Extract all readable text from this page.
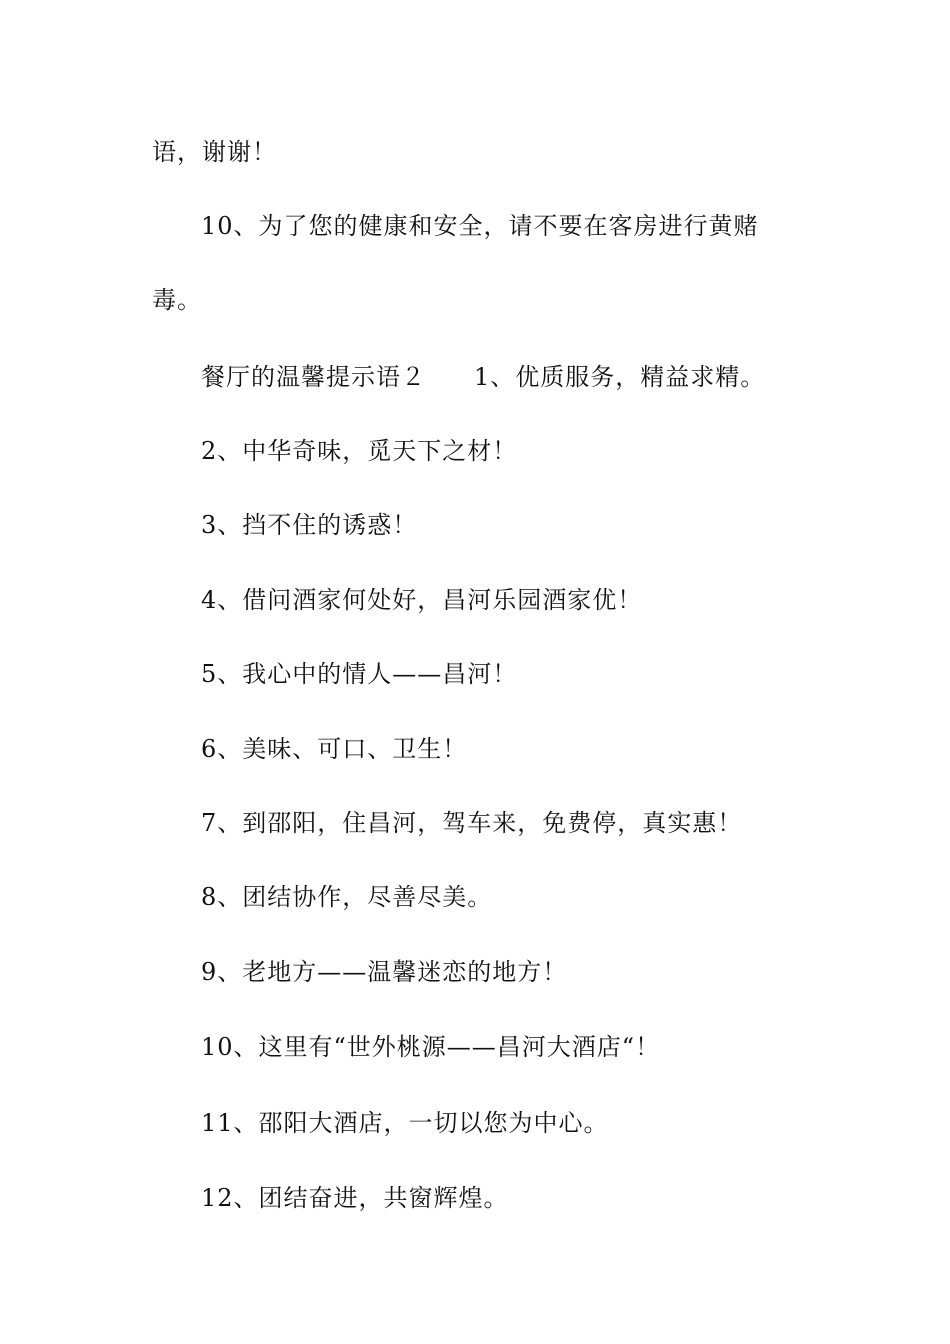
语，谢谢！
10、为了您的健康和安全，请不要在客房进行黄赌
毒。
餐厅的温馨提示语２ 1、优质服务，精益求精。
2、中华奇味，觅天下之材！
3、挡不住的诱惑！
4、借问酒家何处好，昌河乐园酒家优！
5、我心中的情人——昌河！
6、美味、可口、卫生！
7、到邵阳，住昌河，驾车来，免费停，真实惠！
8、团结协作，尽善尽美。
9、老地方——温馨迷恋的地方！
10、这里有“世外桃源——昌河大酒店“！
11、邵阳大酒店，一切以您为中心。
12、团结奋进，共窗辉煌。
